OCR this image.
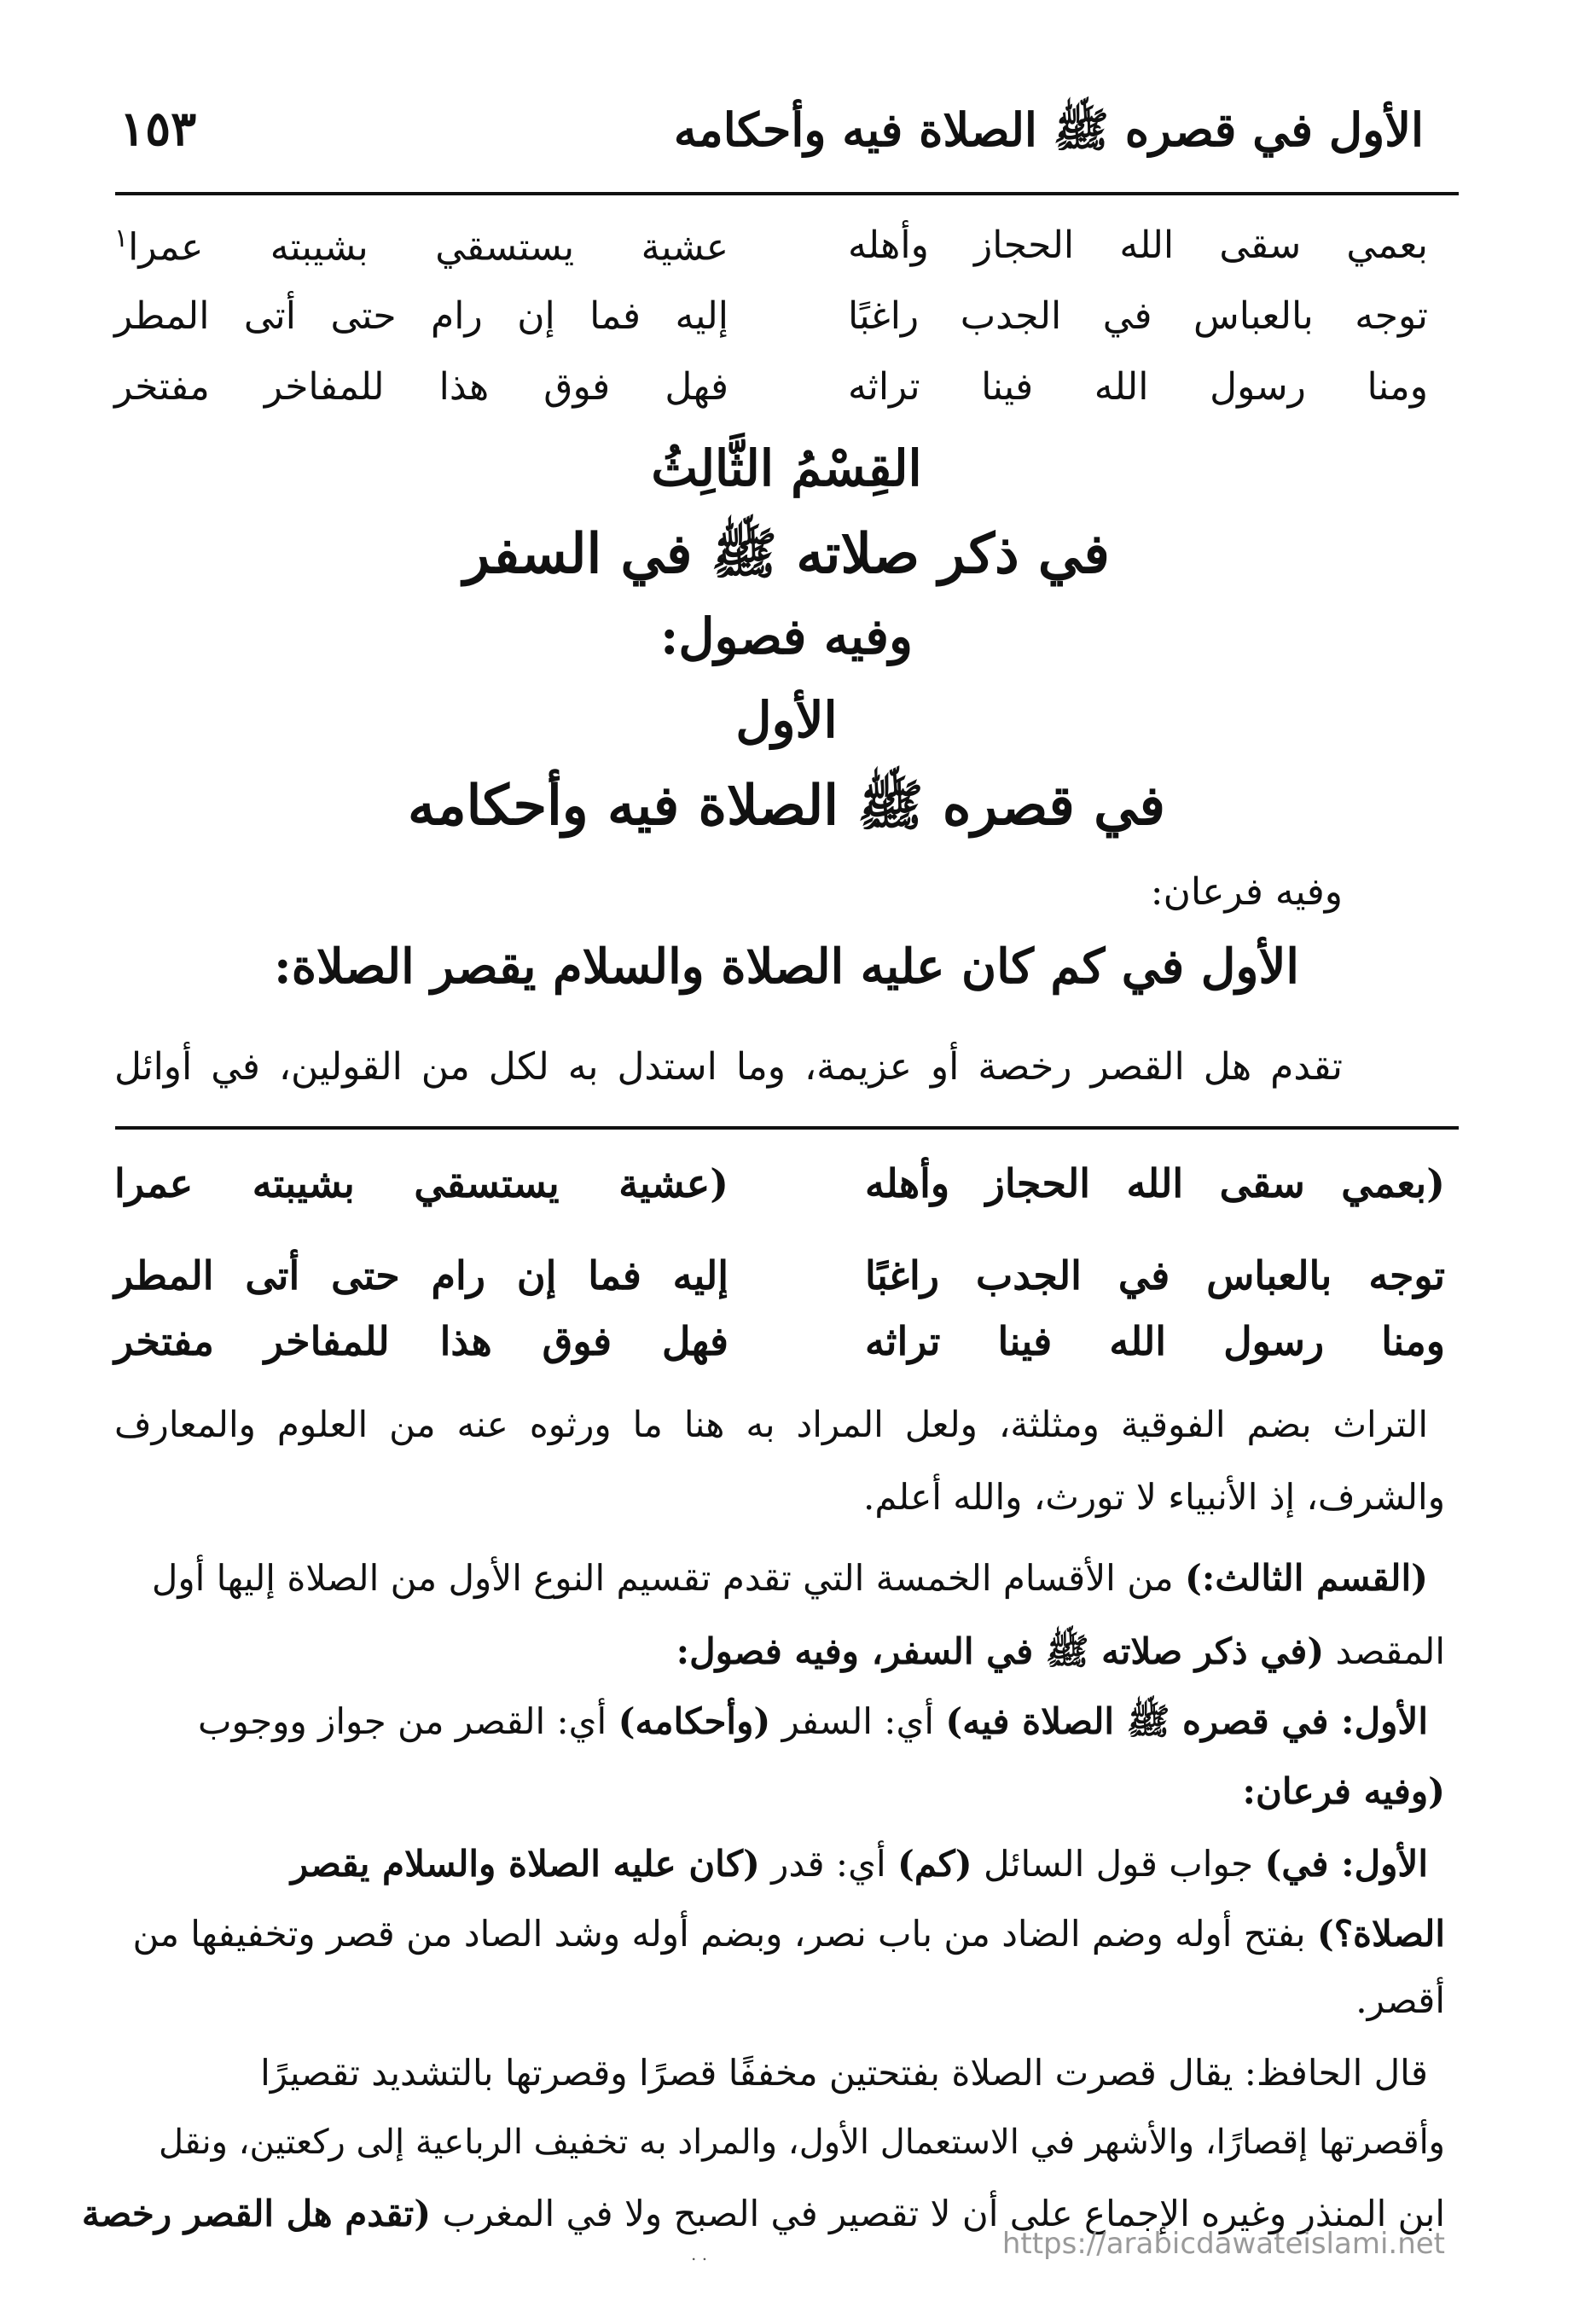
الأول في قصره ﷺ الصلاة فيه وأحكامه
١٥٣
بعمي سقى الله الحجاز وأهله
عشية يستسقي بشيبته عمرا$^١$
توجه بالعباس في الجدب راغبًا
إليه فما إن رام حتى أتى المطر
ومنا رسول الله فينا تراثه
فهل فوق هذا للمفاخر مفتخر
القِسْمُ الثَّالِثُ
في ذكر صلاته ﷺ في السفر
وفيه فصول:
الأول
في قصره ﷺ الصلاة فيه وأحكامه
وفيه فرعان:
الأول في كم كان عليه الصلاة والسلام يقصر الصلاة:
تقدم هل القصر رخصة أو عزيمة، وما استدل به لكل من القولين، في أوائل
(بعمي سقى الله الحجاز وأهله
(عشية يستسقي بشيبته عمرا
توجه بالعباس في الجدب راغبًا
إليه فما إن رام حتى أتى المطر
ومنا رسول الله فينا تراثه
فهل فوق هذا للمفاخر مفتخر
التراث بضم الفوقية ومثلثة، ولعل المراد به هنا ما ورثوه عنه من العلوم والمعارف
والشرف، إذ الأنبياء لا تورث، والله أعلم.
(القسم الثالث:) من الأقسام الخمسة التي تقدم تقسيم النوع الأول من الصلاة إليها أول
المقصد (في ذكر صلاته ﷺ في السفر، وفيه فصول:
الأول: في قصره ﷺ الصلاة فيه) أي: السفر (وأحكامه) أي: القصر من جواز ووجوب
(وفيه فرعان:
الأول: في) جواب قول السائل (كم) أي: قدر (كان عليه الصلاة والسلام يقصر
الصلاة؟) بفتح أوله وضم الضاد من باب نصر، وبضم أوله وشد الصاد من قصر وتخفيفها من
أقصر.
قال الحافظ: يقال قصرت الصلاة بفتحتين مخففًا قصرًا وقصرتها بالتشديد تقصيرًا
وأقصرتها إقصارًا، والأشهر في الاستعمال الأول، والمراد به تخفيف الرباعية إلى ركعتين، ونقل
ابن المنذر وغيره الإجماع على أن لا تقصير في الصبح ولا في المغرب (تقدم هل القصر رخصة
. .	https://arabicdawateislami.net
